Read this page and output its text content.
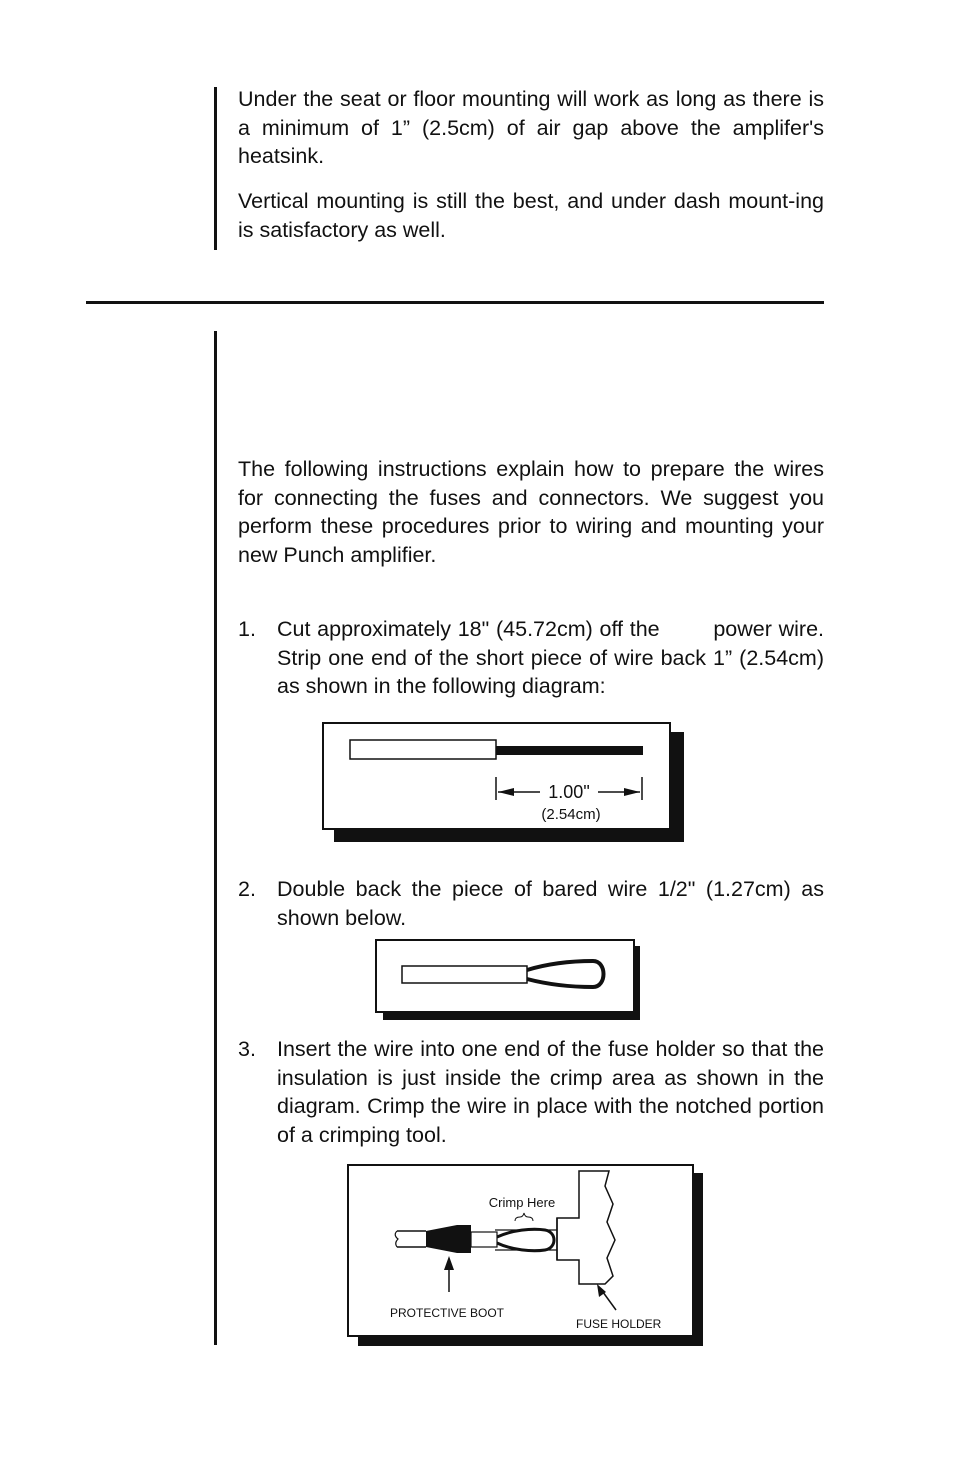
Under the seat or floor mounting will work as long as there is a minimum of 1” (2.5cm) of air gap above the amplifer's heatsink.

Vertical mounting is still the best, and under dash mount-ing is satisfactory as well.

The following instructions explain how to prepare the wires for connecting the fuses and connectors. We suggest you perform these procedures prior to wiring and mounting your new Punch amplifier.

1. Cut approximately 18" (45.72cm) off the        power wire. Strip one end of the short piece of wire back 1” (2.54cm) as shown in the following diagram:
1.00"
(2.54cm)
2. Double back the piece of bared wire 1/2" (1.27cm) as shown below.
3. Insert the wire into one end of the fuse holder so that the insulation is just inside the crimp area as shown in the diagram. Crimp the wire in place with the notched portion of a crimping tool.
Crimp Here
PROTECTIVE BOOT
FUSE HOLDER
